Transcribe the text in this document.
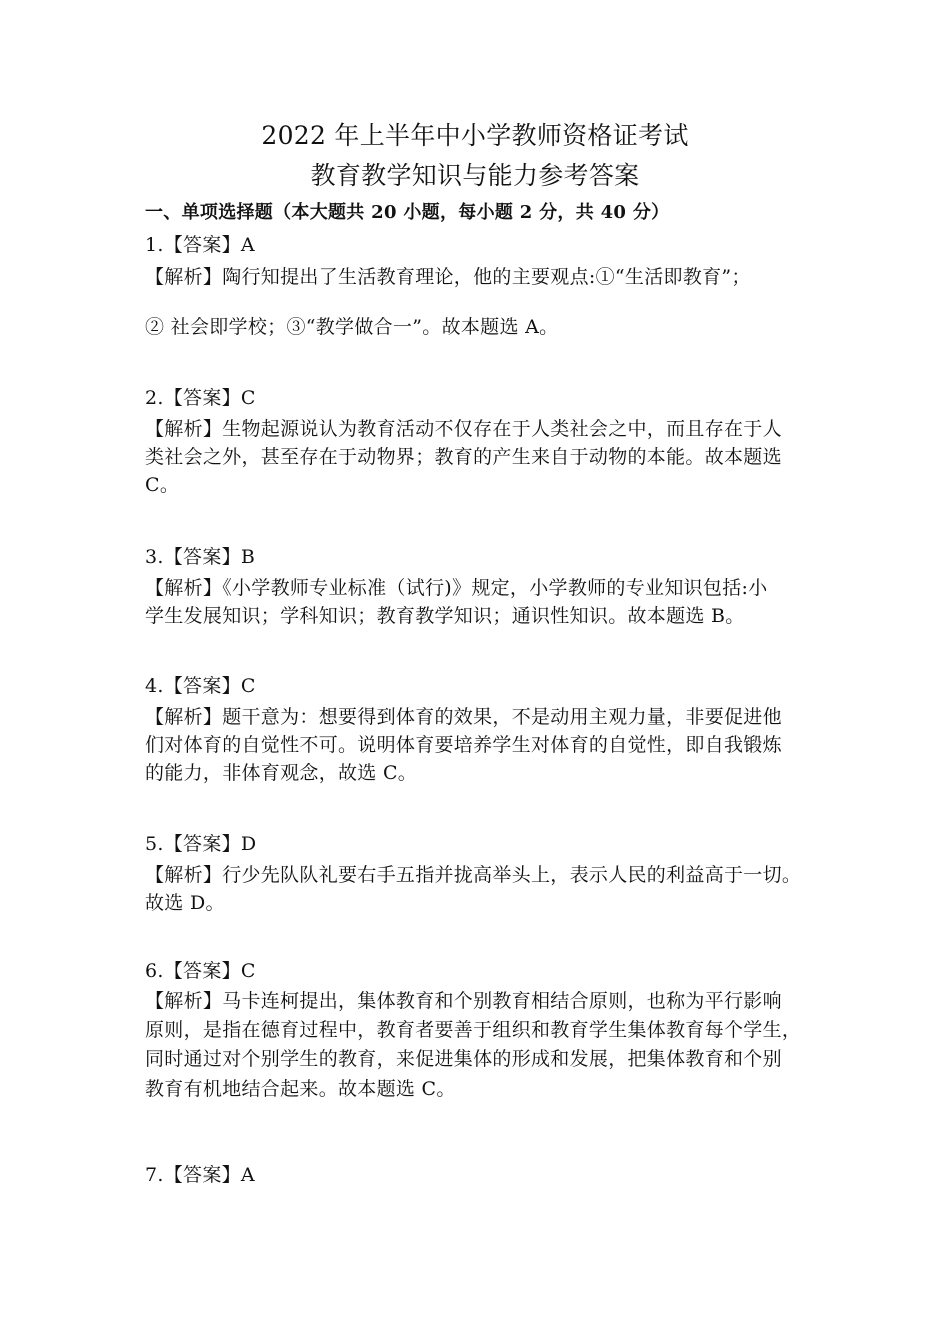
2022 年上半年中小学教师资格证考试
教育教学知识与能力参考答案
一、单项选择题（本大题共 20 小题，每小题 2 分，共 40 分）
1.【答案】A
【解析】陶行知提出了生活教育理论，他的主要观点:①“生活即教育”；
② 社会即学校；③“教学做合一”。故本题选 A。
2.【答案】C
【解析】生物起源说认为教育活动不仅存在于人类社会之中，而且存在于人
类社会之外，甚至存在于动物界；教育的产生来自于动物的本能。故本题选
C。
3.【答案】B
【解析】《小学教师专业标准（试行)》规定，小学教师的专业知识包括:小
学生发展知识；学科知识；教育教学知识；通识性知识。故本题选 B。
4.【答案】C
【解析】题干意为：想要得到体育的效果，不是动用主观力量，非要促进他
们对体育的自觉性不可。说明体育要培养学生对体育的自觉性，即自我锻炼
的能力，非体育观念，故选 C。
5.【答案】D
【解析】行少先队队礼要右手五指并拢高举头上，表示人民的利益高于一切。
故选 D。
6.【答案】C
【解析】马卡连柯提出，集体教育和个别教育相结合原则，也称为平行影响
原则，是指在德育过程中，教育者要善于组织和教育学生集体教育每个学生，
同时通过对个别学生的教育，来促进集体的形成和发展，把集体教育和个别
教育有机地结合起来。故本题选 C。
7.【答案】A
